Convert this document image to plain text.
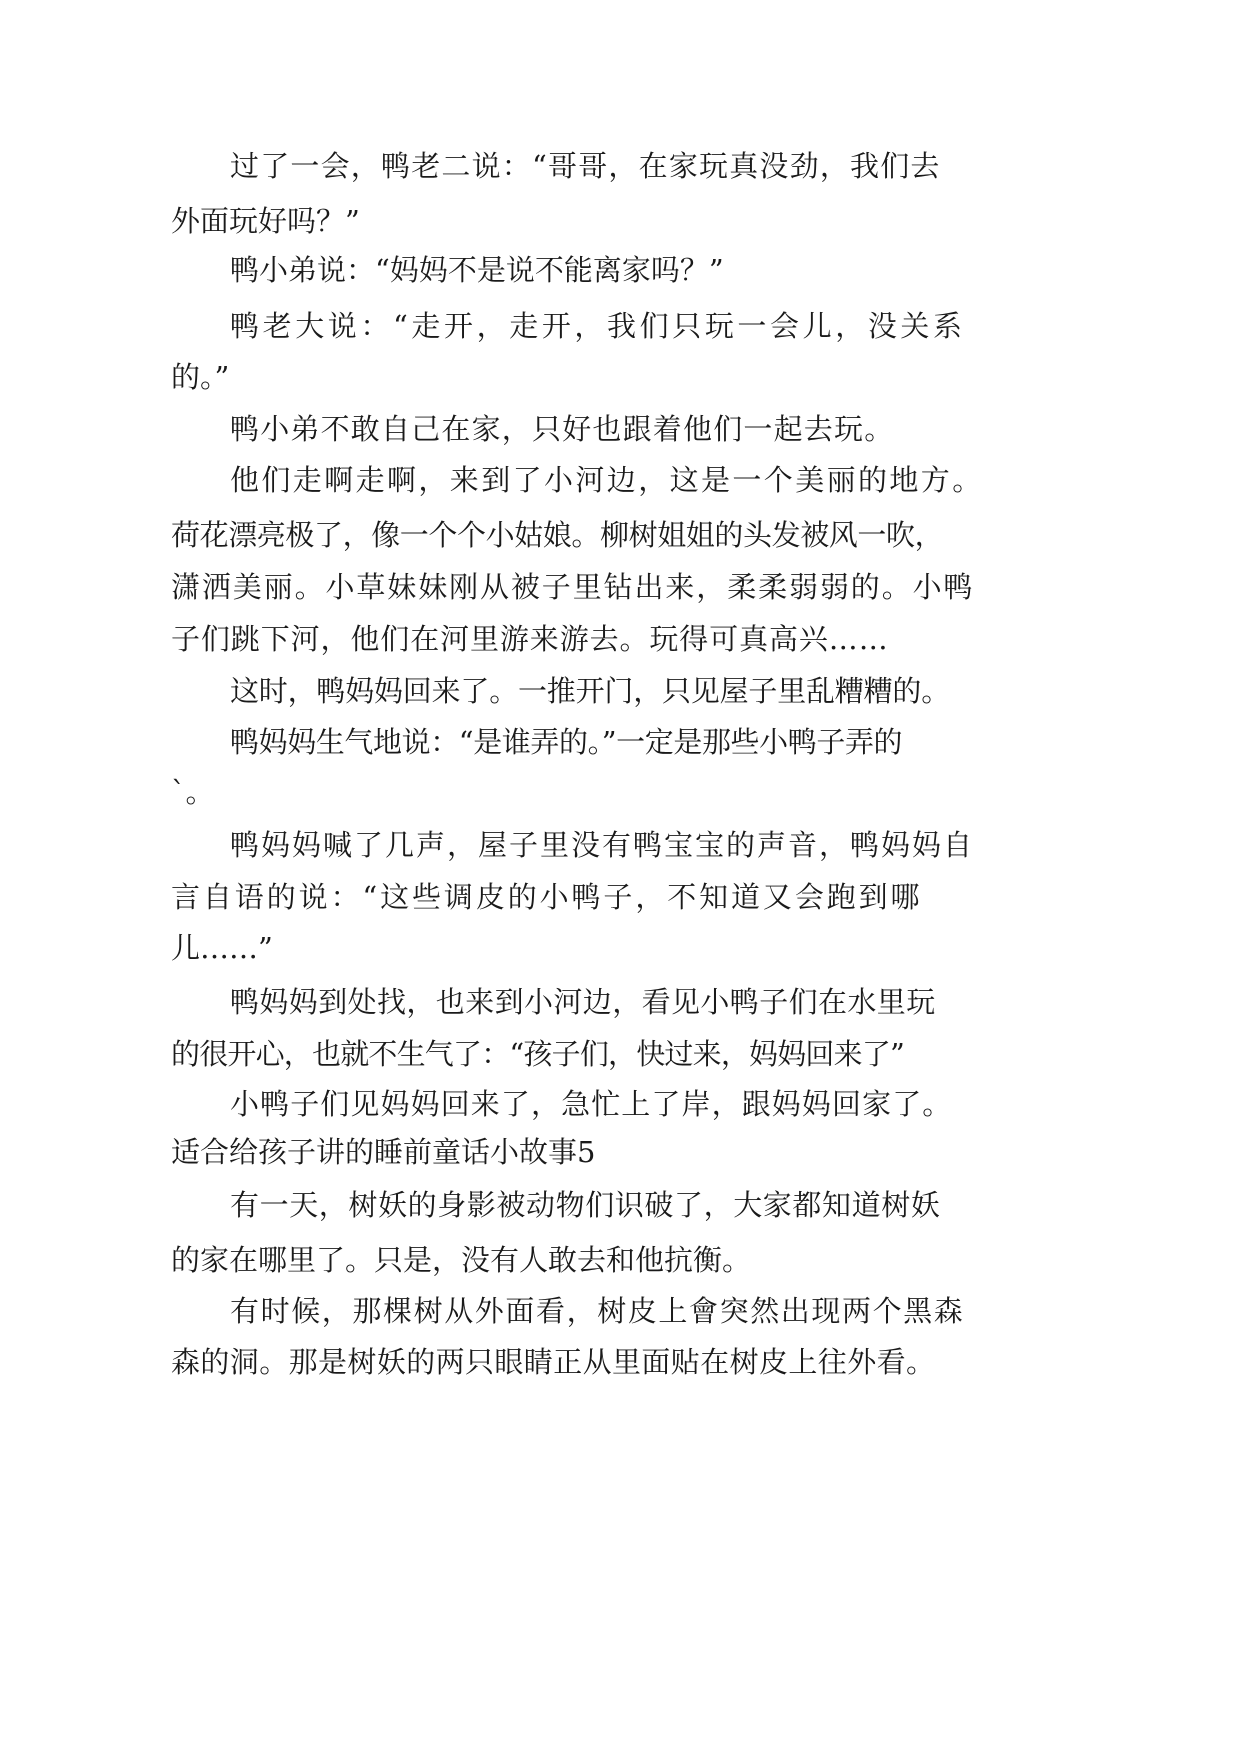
过了一会，鸭老二说：“哥哥，在家玩真没劲，我们去

外面玩好吗？”

鸭小弟说：“妈妈不是说不能离家吗？”

鸭老大说：“走开，走开，我们只玩一会儿，没关系

的。”

鸭小弟不敢自己在家，只好也跟着他们一起去玩。

他们走啊走啊，来到了小河边，这是一个美丽的地方。

荷花漂亮极了，像一个个小姑娘。柳树姐姐的头发被风一吹，

潇洒美丽。小草妹妹刚从被子里钻出来，柔柔弱弱的。小鸭

子们跳下河，他们在河里游来游去。玩得可真高兴……

这时，鸭妈妈回来了。一推开门，只见屋子里乱糟糟的。

鸭妈妈生气地说：“是谁弄的。”一定是那些小鸭子弄的

`。

鸭妈妈喊了几声，屋子里没有鸭宝宝的声音，鸭妈妈自

言自语的说：“这些调皮的小鸭子，不知道又会跑到哪

儿……”

鸭妈妈到处找，也来到小河边，看见小鸭子们在水里玩

的很开心，也就不生气了：“孩子们，快过来，妈妈回来了”

小鸭子们见妈妈回来了，急忙上了岸，跟妈妈回家了。

适合给孩子讲的睡前童话小故事5

有一天，树妖的身影被动物们识破了，大家都知道树妖

的家在哪里了。只是，没有人敢去和他抗衡。

有时候，那棵树从外面看，树皮上會突然出现两个黑森

森的洞。那是树妖的两只眼睛正从里面贴在树皮上往外看。
